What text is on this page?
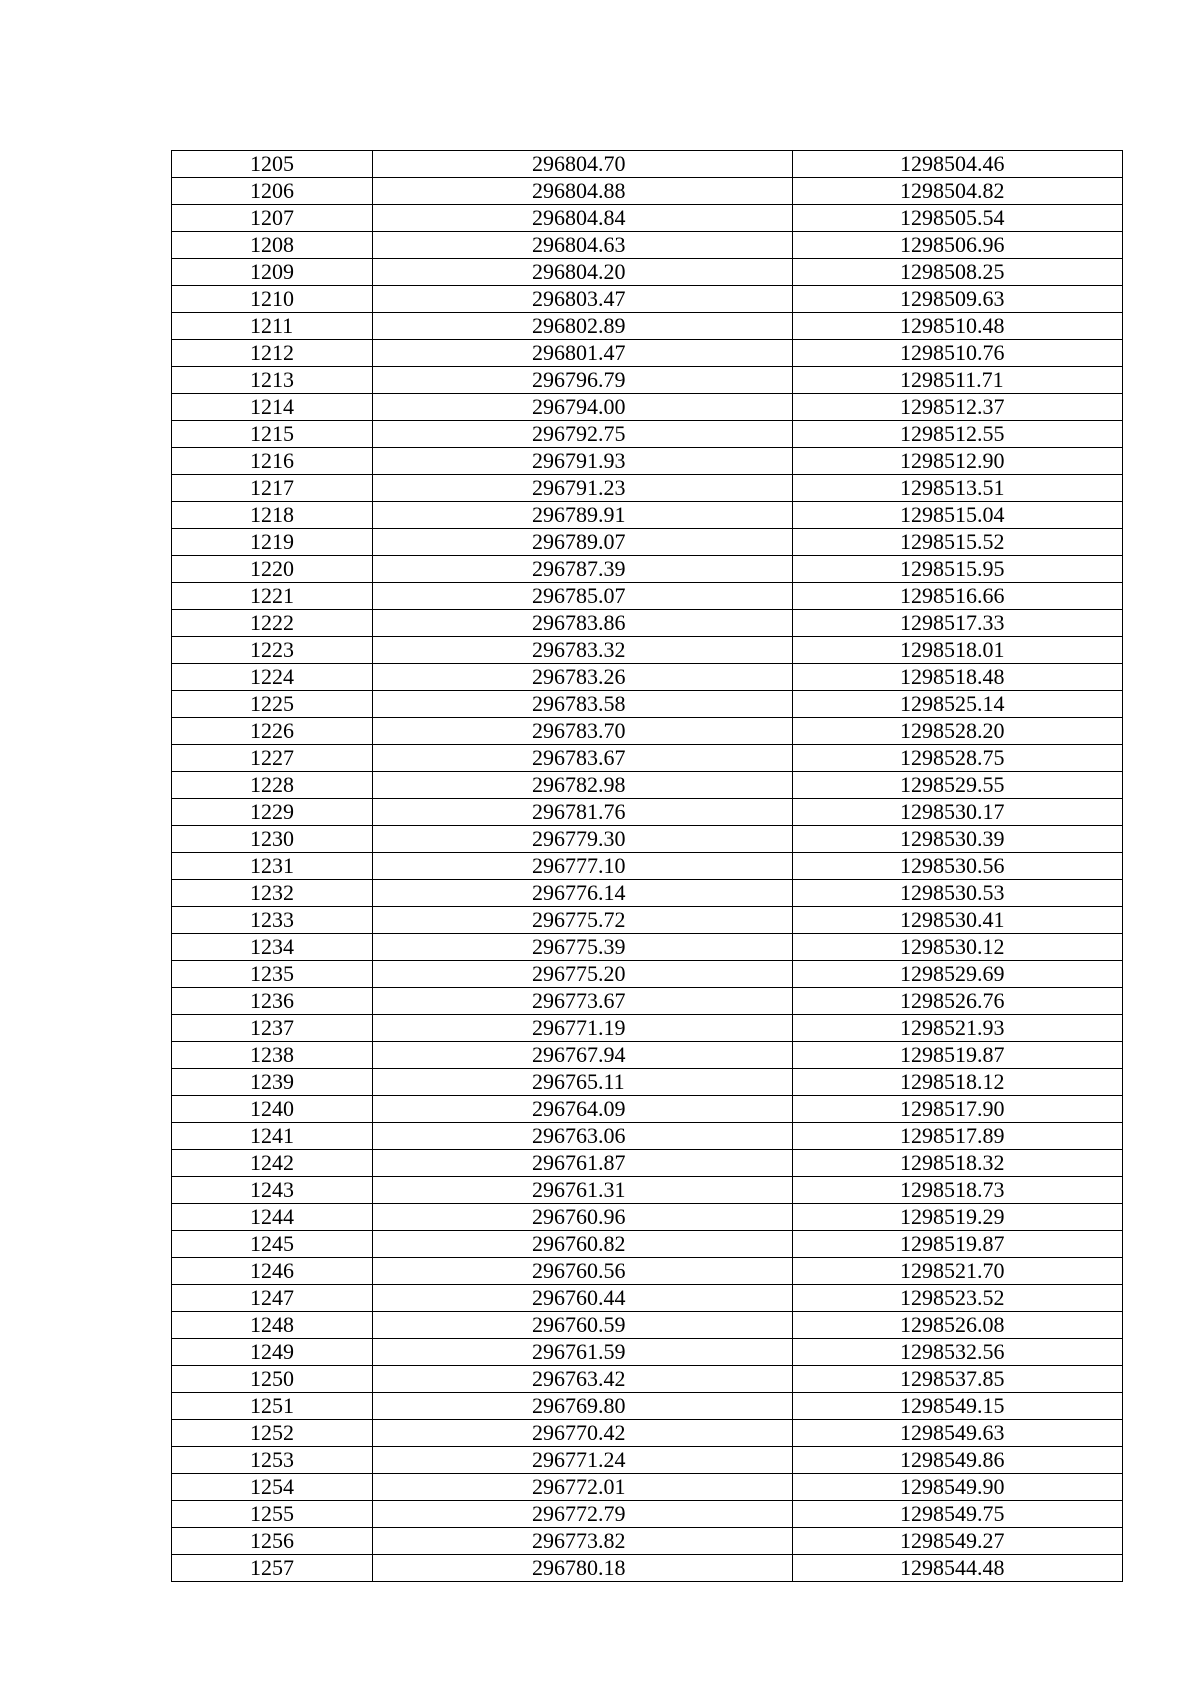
1205	296804.70	1298504.46
1206	296804.88	1298504.82
1207	296804.84	1298505.54
1208	296804.63	1298506.96
1209	296804.20	1298508.25
1210	296803.47	1298509.63
1211	296802.89	1298510.48
1212	296801.47	1298510.76
1213	296796.79	1298511.71
1214	296794.00	1298512.37
1215	296792.75	1298512.55
1216	296791.93	1298512.90
1217	296791.23	1298513.51
1218	296789.91	1298515.04
1219	296789.07	1298515.52
1220	296787.39	1298515.95
1221	296785.07	1298516.66
1222	296783.86	1298517.33
1223	296783.32	1298518.01
1224	296783.26	1298518.48
1225	296783.58	1298525.14
1226	296783.70	1298528.20
1227	296783.67	1298528.75
1228	296782.98	1298529.55
1229	296781.76	1298530.17
1230	296779.30	1298530.39
1231	296777.10	1298530.56
1232	296776.14	1298530.53
1233	296775.72	1298530.41
1234	296775.39	1298530.12
1235	296775.20	1298529.69
1236	296773.67	1298526.76
1237	296771.19	1298521.93
1238	296767.94	1298519.87
1239	296765.11	1298518.12
1240	296764.09	1298517.90
1241	296763.06	1298517.89
1242	296761.87	1298518.32
1243	296761.31	1298518.73
1244	296760.96	1298519.29
1245	296760.82	1298519.87
1246	296760.56	1298521.70
1247	296760.44	1298523.52
1248	296760.59	1298526.08
1249	296761.59	1298532.56
1250	296763.42	1298537.85
1251	296769.80	1298549.15
1252	296770.42	1298549.63
1253	296771.24	1298549.86
1254	296772.01	1298549.90
1255	296772.79	1298549.75
1256	296773.82	1298549.27
1257	296780.18	1298544.48
